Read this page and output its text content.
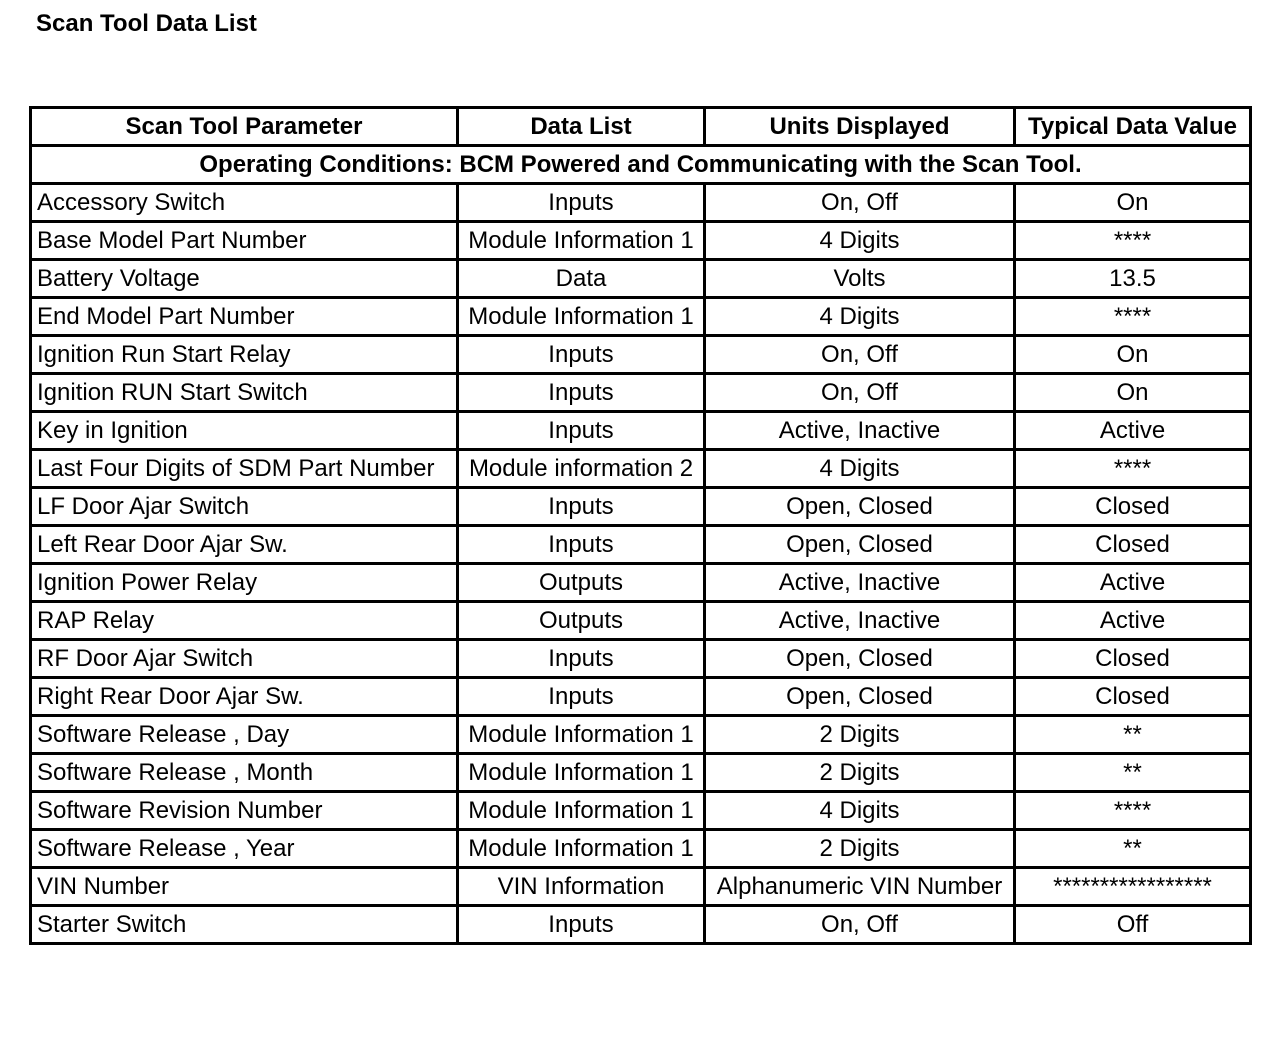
Scan Tool Data List
Scan Tool Parameter	Data List	Units Displayed	Typical Data Value
Operating Conditions: BCM Powered and Communicating with the Scan Tool.			
Accessory Switch	Inputs	On, Off	On
Base Model Part Number	Module Information 1	4 Digits	****
Battery Voltage	Data	Volts	13.5
End Model Part Number	Module Information 1	4 Digits	****
Ignition Run Start Relay	Inputs	On, Off	On
Ignition RUN Start Switch	Inputs	On, Off	On
Key in Ignition	Inputs	Active, Inactive	Active
Last Four Digits of SDM Part Number	Module information 2	4 Digits	****
LF Door Ajar Switch	Inputs	Open, Closed	Closed
Left Rear Door Ajar Sw.	Inputs	Open, Closed	Closed
Ignition Power Relay	Outputs	Active, Inactive	Active
RAP Relay	Outputs	Active, Inactive	Active
RF Door Ajar Switch	Inputs	Open, Closed	Closed
Right Rear Door Ajar Sw.	Inputs	Open, Closed	Closed
Software Release , Day	Module Information 1	2 Digits	**
Software Release , Month	Module Information 1	2 Digits	**
Software Revision Number	Module Information 1	4 Digits	****
Software Release , Year	Module Information 1	2 Digits	**
VIN Number	VIN Information	Alphanumeric VIN Number	*****************
Starter Switch	Inputs	On, Off	Off
